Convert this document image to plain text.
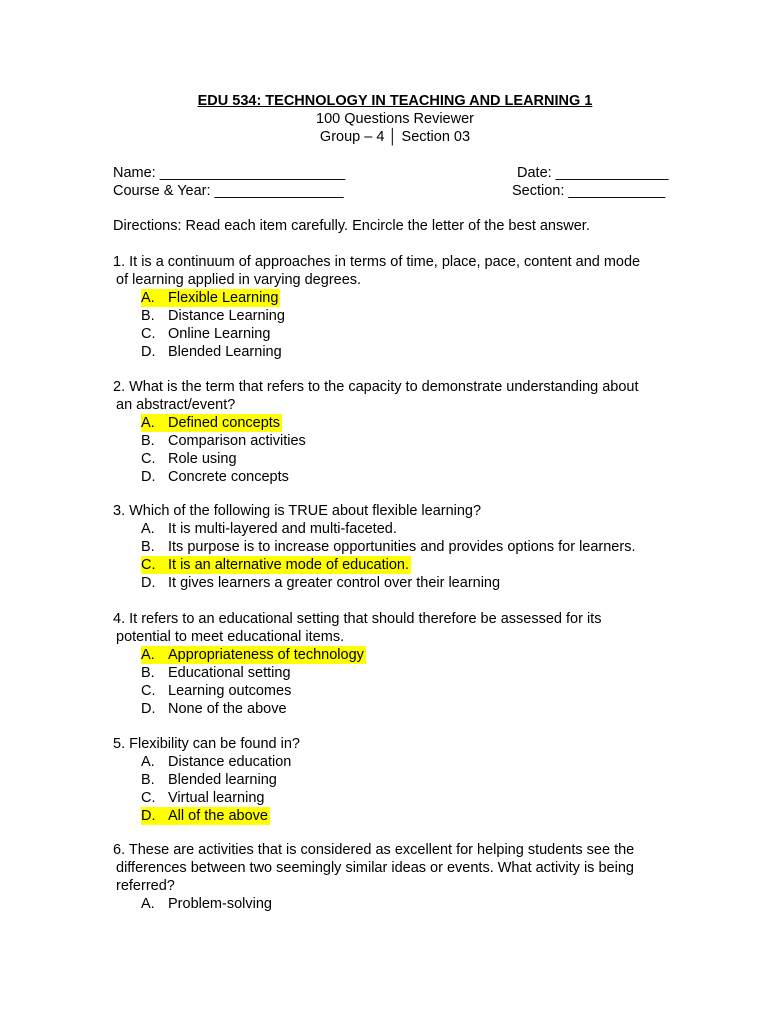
EDU 534: TECHNOLOGY IN TEACHING AND LEARNING 1
100 Questions Reviewer
Group – 4 │ Section 03
Name: _______________________	Date: ______________
Course & Year: ________________	Section: ____________
Directions: Read each item carefully. Encircle the letter of the best answer.
1. It is a continuum of approaches in terms of time, place, pace, content and mode
of learning applied in varying degrees.
A. Flexible Learning
B. Distance Learning
C. Online Learning
D. Blended Learning
2. What is the term that refers to the capacity to demonstrate understanding about
an abstract/event?
A. Defined concepts
B. Comparison activities
C. Role using
D. Concrete concepts
3. Which of the following is TRUE about flexible learning?
A. It is multi-layered and multi-faceted.
B. Its purpose is to increase opportunities and provides options for learners.
C. It is an alternative mode of education.
D. It gives learners a greater control over their learning
4. It refers to an educational setting that should therefore be assessed for its
potential to meet educational items.
A. Appropriateness of technology
B. Educational setting
C. Learning outcomes
D. None of the above
5. Flexibility can be found in?
A. Distance education
B. Blended learning
C. Virtual learning
D. All of the above
6. These are activities that is considered as excellent for helping students see the
differences between two seemingly similar ideas or events. What activity is being
referred?
A. Problem-solving
